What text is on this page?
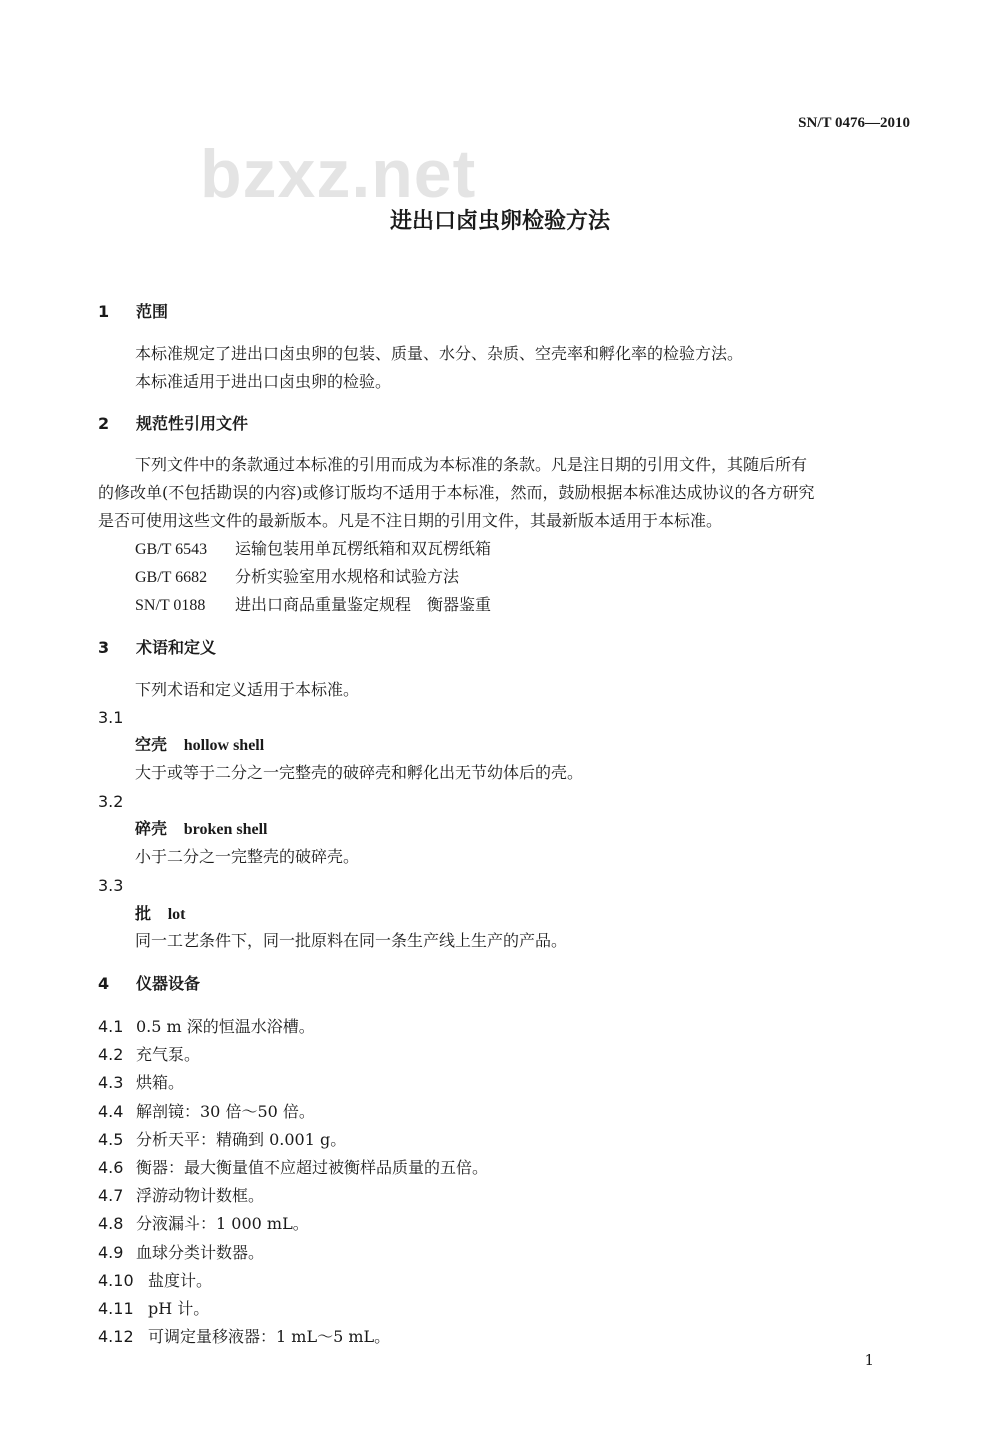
SN/T 0476—2010
bzxz.net
进出口卤虫卵检验方法
1 范围
本标准规定了进出口卤虫卵的包装、质量、水分、杂质、空壳率和孵化率的检验方法。
本标准适用于进出口卤虫卵的检验。
2 规范性引用文件
下列文件中的条款通过本标准的引用而成为本标准的条款。凡是注日期的引用文件，其随后所有
的修改单(不包括勘误的内容)或修订版均不适用于本标准，然而，鼓励根据本标准达成协议的各方研究
是否可使用这些文件的最新版本。凡是不注日期的引用文件，其最新版本适用于本标准。
GB/T 6543 运输包装用单瓦楞纸箱和双瓦楞纸箱
GB/T 6682 分析实验室用水规格和试验方法
SN/T 0188 进出口商品重量鉴定规程　衡器鉴重
3 术语和定义
下列术语和定义适用于本标准。
3.1
空壳 hollow shell
大于或等于二分之一完整壳的破碎壳和孵化出无节幼体后的壳。
3.2
碎壳 broken shell
小于二分之一完整壳的破碎壳。
3.3
批 lot
同一工艺条件下，同一批原料在同一条生产线上生产的产品。
4 仪器设备
4.1 0.5 m 深的恒温水浴槽。
4.2 充气泵。
4.3 烘箱。
4.4 解剖镜：30 倍～50 倍。
4.5 分析天平：精确到 0.001 g。
4.6 衡器：最大衡量值不应超过被衡样品质量的五倍。
4.7 浮游动物计数框。
4.8 分液漏斗：1 000 mL。
4.9 血球分类计数器。
4.10 盐度计。
4.11 pH 计。
4.12 可调定量移液器：1 mL～5 mL。
1
